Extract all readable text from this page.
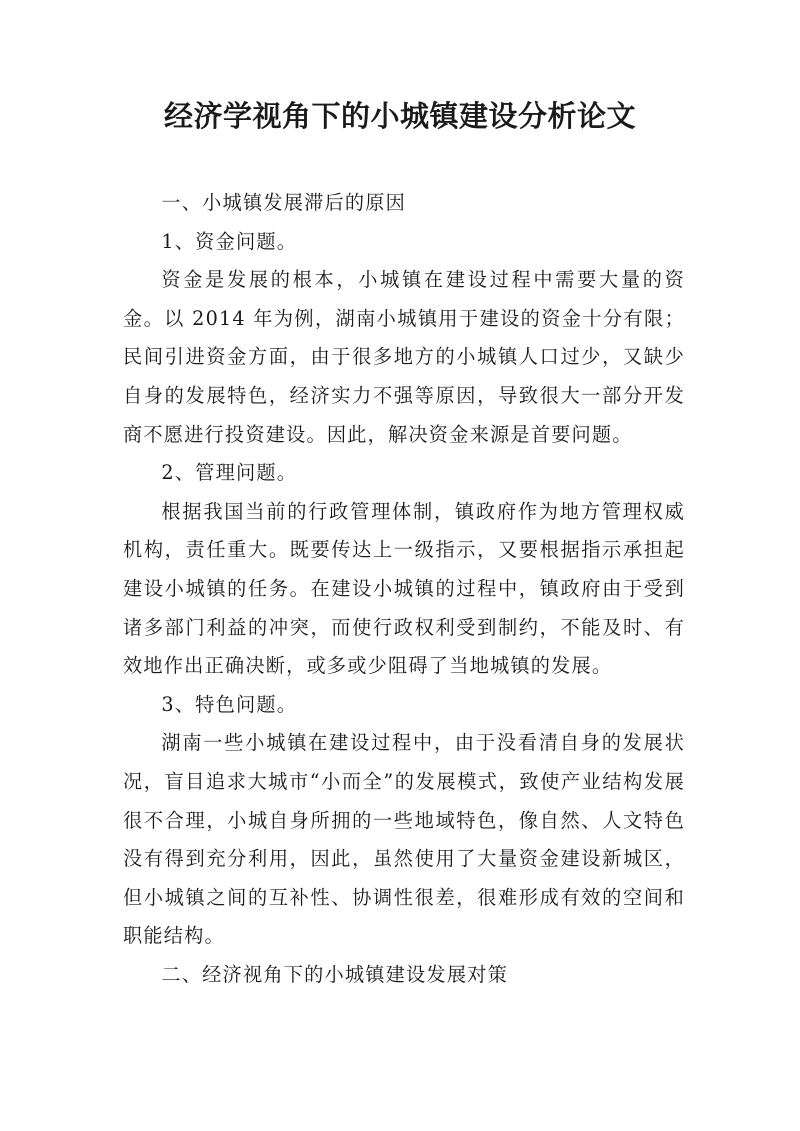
经济学视角下的小城镇建设分析论文

一、小城镇发展滞后的原因

1、资金问题。

资金是发展的根本，小城镇在建设过程中需要大量的资金。以 2014 年为例，湖南小城镇用于建设的资金十分有限；民间引进资金方面，由于很多地方的小城镇人口过少，又缺少自身的发展特色，经济实力不强等原因，导致很大一部分开发商不愿进行投资建设。因此，解决资金来源是首要问题。

2、管理问题。

根据我国当前的行政管理体制，镇政府作为地方管理权威机构，责任重大。既要传达上一级指示，又要根据指示承担起建设小城镇的任务。在建设小城镇的过程中，镇政府由于受到诸多部门利益的冲突，而使行政权利受到制约，不能及时、有效地作出正确决断，或多或少阻碍了当地城镇的发展。

3、特色问题。

湖南一些小城镇在建设过程中，由于没看清自身的发展状况，盲目追求大城市“小而全”的发展模式，致使产业结构发展很不合理，小城自身所拥的一些地域特色，像自然、人文特色没有得到充分利用，因此，虽然使用了大量资金建设新城区，但小城镇之间的互补性、协调性很差，很难形成有效的空间和职能结构。

二、经济视角下的小城镇建设发展对策
